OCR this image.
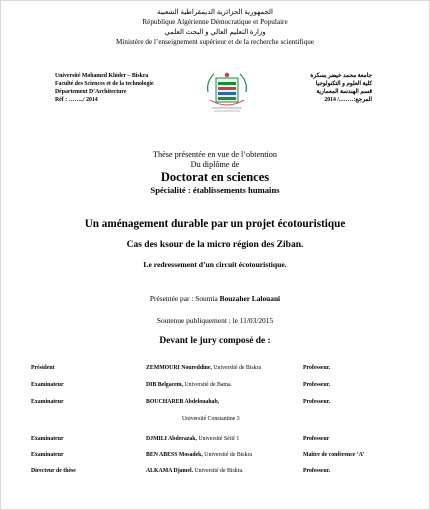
الجمهورية الجزائرية الديمقراطية الشعبية
République Algérienne Démocratique et Populaire
وزارة التعليم العالي و البحث العلمي
Ministère de l’enseignement supérieur et de la recherche scientifique
Université Mohamed Khider – Biskra
Faculté des Sciences et de la technologie
Département D’Architecture
Réf : ……../ 2014
جامعة محمد خيضر بسكرة
كلية العلوم و التكنولوجيا
قسم الهندسة المعمارية
المرجع:……../ 2014
Thèse présentée en vue de l’obtention
Du diplôme de
Doctorat en sciences
Spécialité : établissements humains
Un aménagement durable par un projet écotouristique
Cas des ksour de la micro région des Ziban.
Le redressement d’un circuit écotouristique.
Présentée par : Soumia Bouzaher Lalouani
Soutenue publiquement : le 11/03/2015
Devant le jury composé de :
Président	ZEMMOURI Noureddine, Université de Biskra	Professeur.
Examinateur	DIB Belgacem, Université de Batna.	Professeur.
Examinateur	BOUCHAREB Abdelouahab,	Professeur.
Université Constantine 3
Examinateur	DJMILI Abderazak, Université Sétif 1	Professeur
Examinateur	BEN ABESS Mosadek, Université de Biskra	Maître de conférence ‘A’
Directeur de thèse	ALKAMA Djamel. Université de Biskra.	Professeur.
